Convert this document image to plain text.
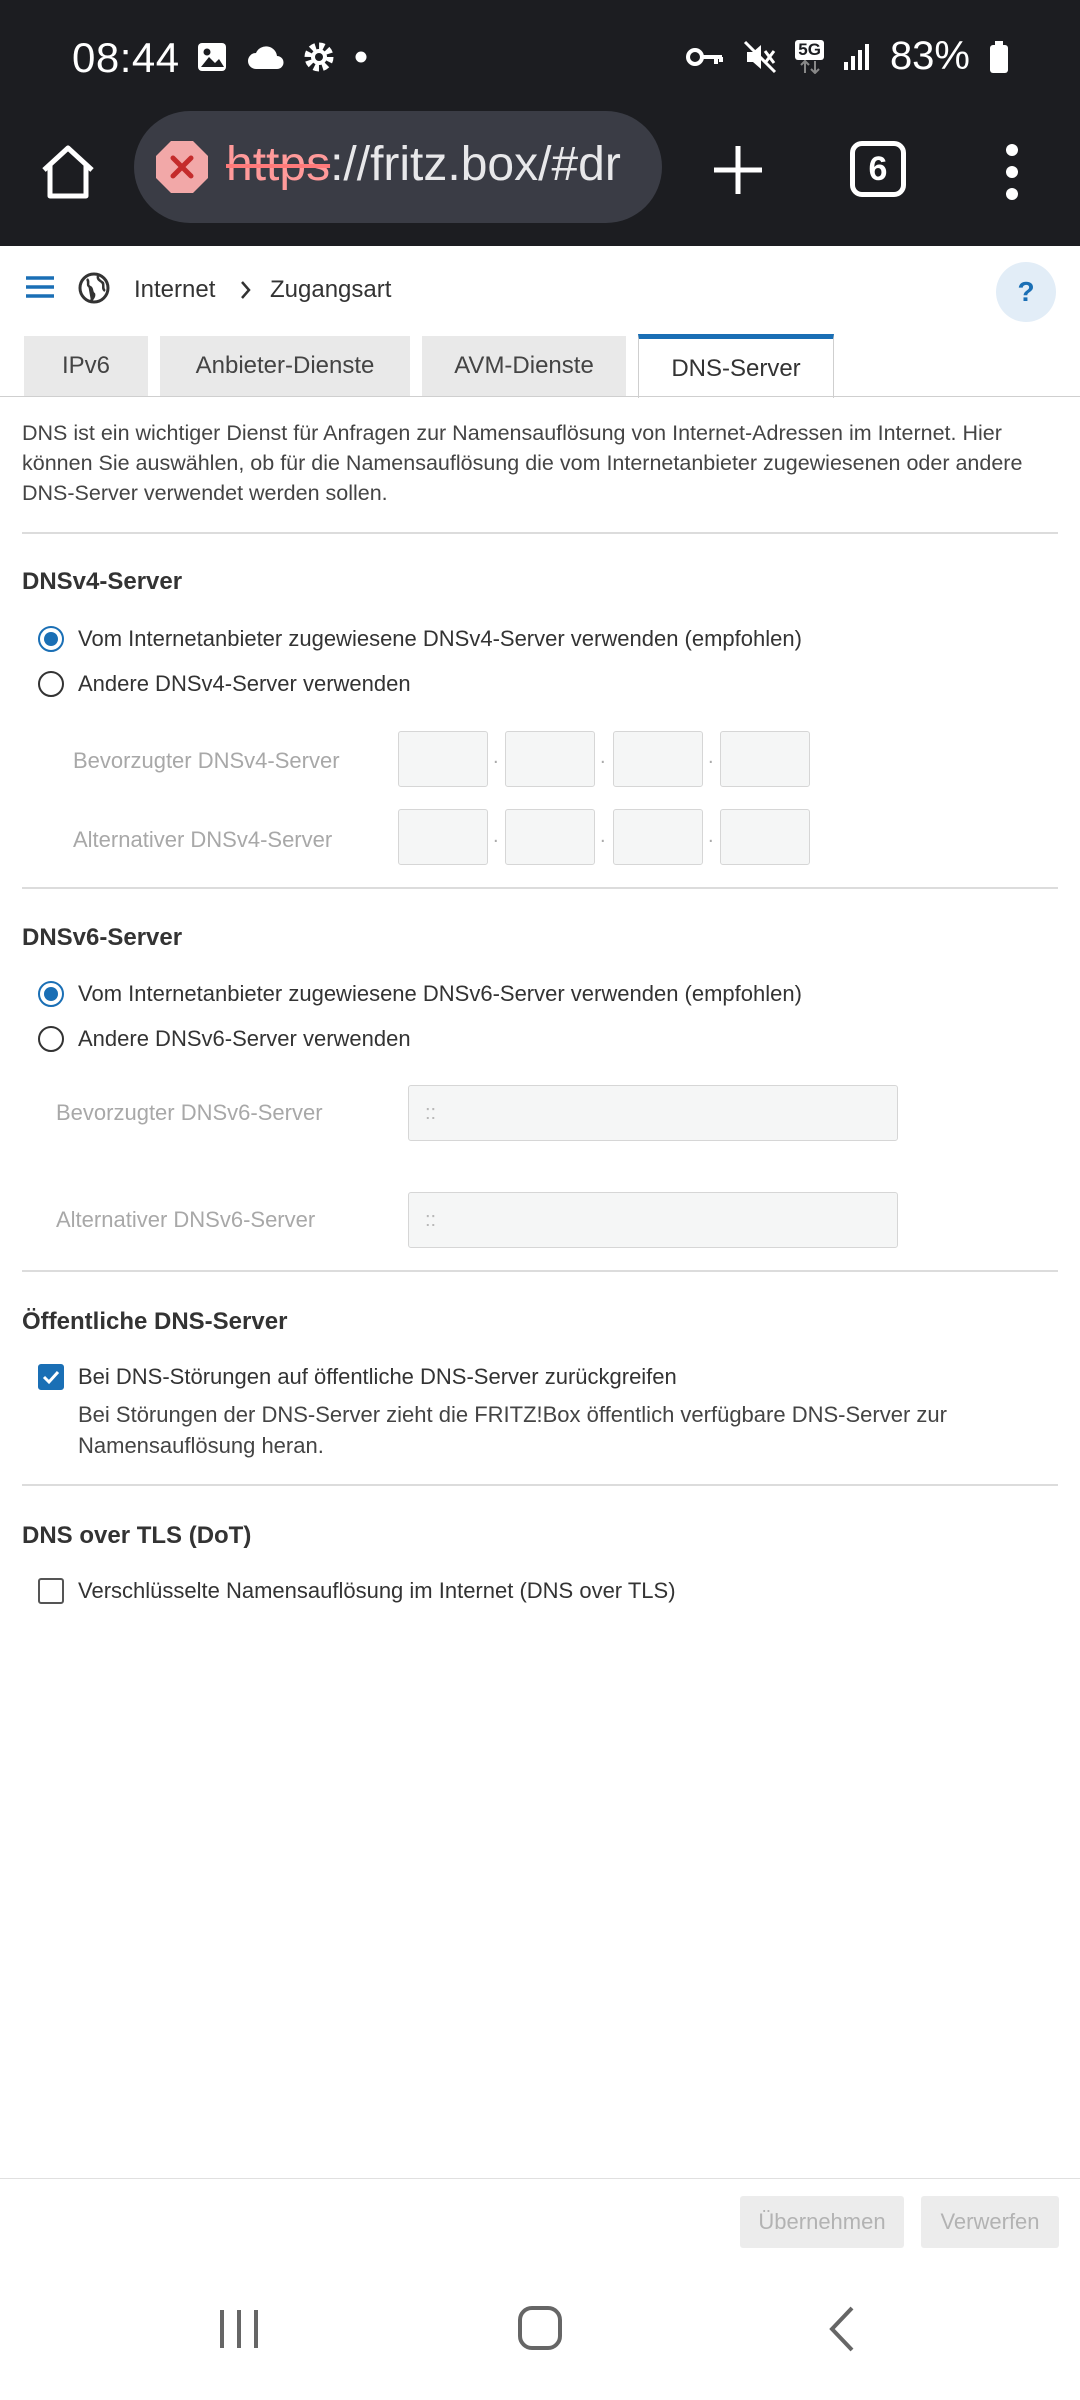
08:44	5G 83%
https://fritz.box/#dr	6
Internet Zugangsart	?
IPv6	Anbieter-Dienste	AVM-Dienste	DNS-Server
DNS ist ein wichtiger Dienst für Anfragen zur Namensauflösung von Internet-Adressen im Internet. Hier können Sie auswählen, ob für die Namensauflösung die vom Internetanbieter zugewiesenen oder andere DNS-Server verwendet werden sollen.
DNSv4-Server
Vom Internetanbieter zugewiesene DNSv4-Server verwenden (empfohlen)
Andere DNSv4-Server verwenden
Bevorzugter DNSv4-Server	.	.	.
Alternativer DNSv4-Server	.	.	.
DNSv6-Server
Vom Internetanbieter zugewiesene DNSv6-Server verwenden (empfohlen)
Andere DNSv6-Server verwenden
Bevorzugter DNSv6-Server	::
Alternativer DNSv6-Server	::
Öffentliche DNS-Server
Bei DNS-Störungen auf öffentliche DNS-Server zurückgreifen
Bei Störungen der DNS-Server zieht die FRITZ!Box öffentlich verfügbare DNS-Server zur Namensauflösung heran.
DNS over TLS (DoT)
Verschlüsselte Namensauflösung im Internet (DNS over TLS)
Übernehmen	Verwerfen
